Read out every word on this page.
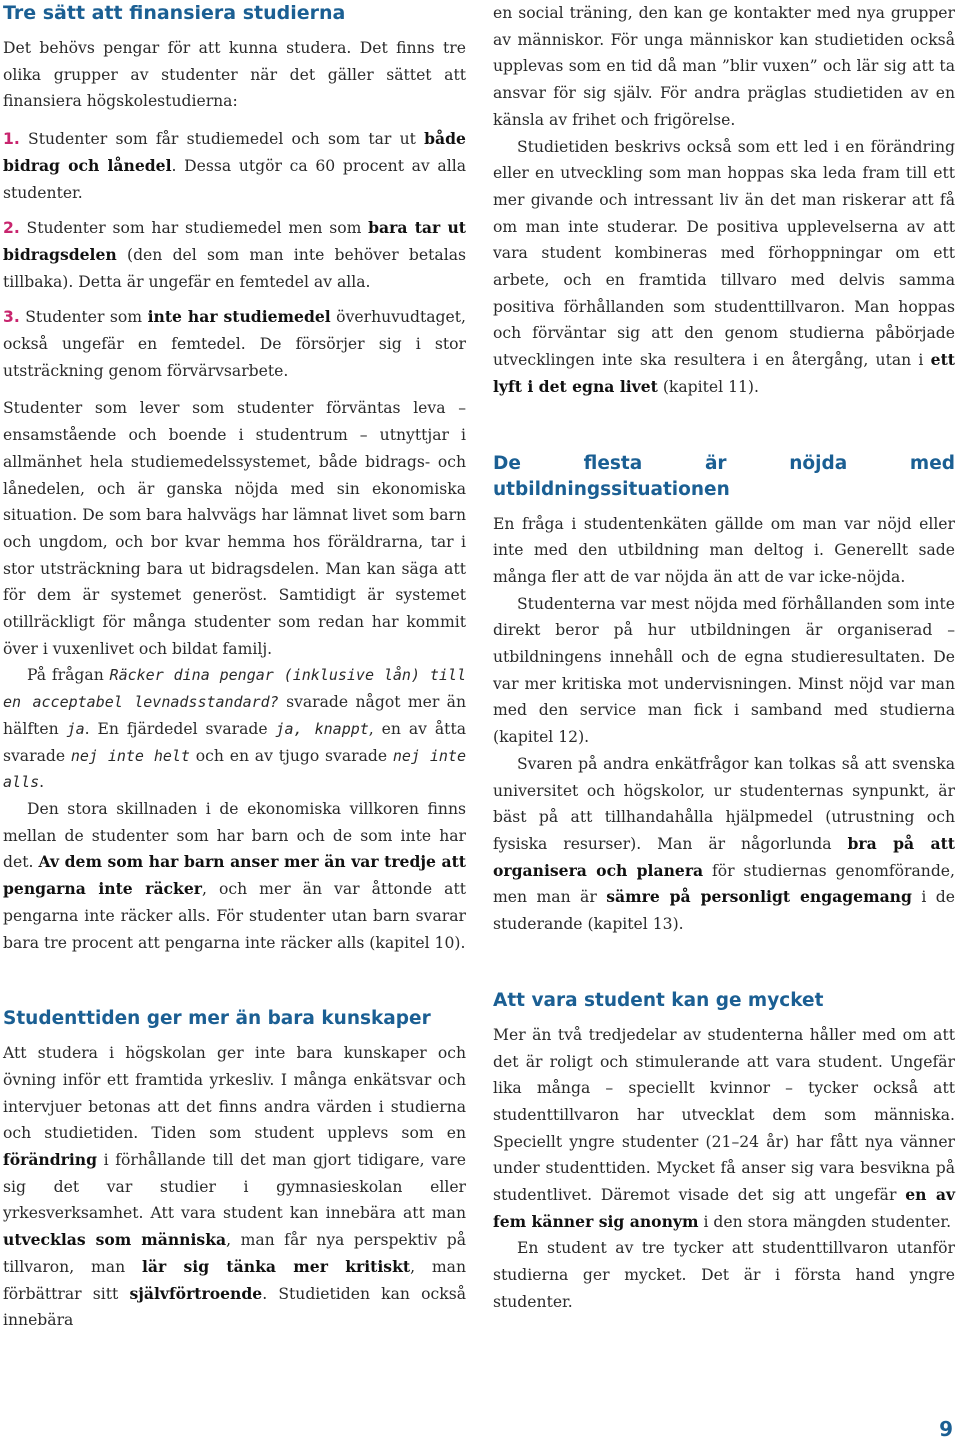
Tre sätt att finansiera studierna

Det behövs pengar för att kunna studera. Det finns tre olika grupper av studenter när det gäller sättet att finansiera högskolestudierna:

1. Studenter som får studiemedel och som tar ut både bidrag och lånedel. Dessa utgör ca 60 procent av alla studenter.

2. Studenter som har studiemedel men som bara tar ut bidragsdelen (den del som man inte behöver betalas tillbaka). Detta är ungefär en femtedel av alla.

3. Studenter som inte har studiemedel överhuvudtaget, också ungefär en femtedel. De försörjer sig i stor utsträckning genom förvärvsarbete.

Studenter som lever som studenter förväntas leva – ensamstående och boende i studentrum – utnyttjar i allmänhet hela studiemedelssystemet, både bidrags- och lånedelen, och är ganska nöjda med sin ekonomiska situation. De som bara halvvägs har lämnat livet som barn och ungdom, och bor kvar hemma hos föräldrarna, tar i stor utsträckning bara ut bidragsdelen. Man kan säga att för dem är systemet generöst. Samtidigt är systemet otillräckligt för många studenter som redan har kommit över i vuxenlivet och bildat familj.

På frågan Räcker dina pengar (inklusive lån) till en acceptabel levnadsstandard? svarade något mer än hälften ja. En fjärdedel svarade ja, knappt, en av åtta svarade nej inte helt och en av tjugo svarade nej inte alls.

Den stora skillnaden i de ekonomiska villkoren finns mellan de studenter som har barn och de som inte har det. Av dem som har barn anser mer än var tredje att pengarna inte räcker, och mer än var åttonde att pengarna inte räcker alls. För studenter utan barn svarar bara tre procent att pengarna inte räcker alls (kapitel 10).

Studenttiden ger mer än bara kunskaper

Att studera i högskolan ger inte bara kunskaper och övning inför ett framtida yrkesliv. I många enkätsvar och intervjuer betonas att det finns andra värden i studierna och studietiden. Tiden som student upplevs som en förändring i förhållande till det man gjort tidigare, vare sig det var studier i gymnasieskolan eller yrkesverksamhet. Att vara student kan innebära att man utvecklas som människa, man får nya perspektiv på tillvaron, man lär sig tänka mer kritiskt, man förbättrar sitt självförtroende. Studietiden kan också innebära

en social träning, den kan ge kontakter med nya grupper av människor. För unga människor kan studietiden också upplevas som en tid då man ”blir vuxen” och lär sig att ta ansvar för sig själv. För andra präglas studietiden av en känsla av frihet och frigörelse.

Studietiden beskrivs också som ett led i en förändring eller en utveckling som man hoppas ska leda fram till ett mer givande och intressant liv än det man riskerar att få om man inte studerar. De positiva upplevelserna av att vara student kombineras med förhoppningar om ett arbete, och en framtida tillvaro med delvis samma positiva förhållanden som studenttillvaron. Man hoppas och förväntar sig att den genom studierna påbörjade utvecklingen inte ska resultera i en återgång, utan i ett lyft i det egna livet (kapitel 11).

De flesta är nöjda med utbildningssituationen

En fråga i studentenkäten gällde om man var nöjd eller inte med den utbildning man deltog i. Generellt sade många fler att de var nöjda än att de var icke-nöjda.

Studenterna var mest nöjda med förhållanden som inte direkt beror på hur utbildningen är organiserad – utbildningens innehåll och de egna studieresultaten. De var mer kritiska mot undervisningen. Minst nöjd var man med den service man fick i samband med studierna (kapitel 12).

Svaren på andra enkätfrågor kan tolkas så att svenska universitet och högskolor, ur studenternas synpunkt, är bäst på att tillhandahålla hjälpmedel (utrustning och fysiska resurser). Man är någorlunda bra på att organisera och planera för studiernas genomförande, men man är sämre på personligt engagemang i de studerande (kapitel 13).

Att vara student kan ge mycket

Mer än två tredjedelar av studenterna håller med om att det är roligt och stimulerande att vara student. Ungefär lika många – speciellt kvinnor – tycker också att studenttillvaron har utvecklat dem som människa. Speciellt yngre studenter (21–24 år) har fått nya vänner under studenttiden. Mycket få anser sig vara besvikna på studentlivet. Däremot visade det sig att ungefär en av fem känner sig anonym i den stora mängden studenter.

En student av tre tycker att studenttillvaron utanför studierna ger mycket. Det är i första hand yngre studenter.

9
